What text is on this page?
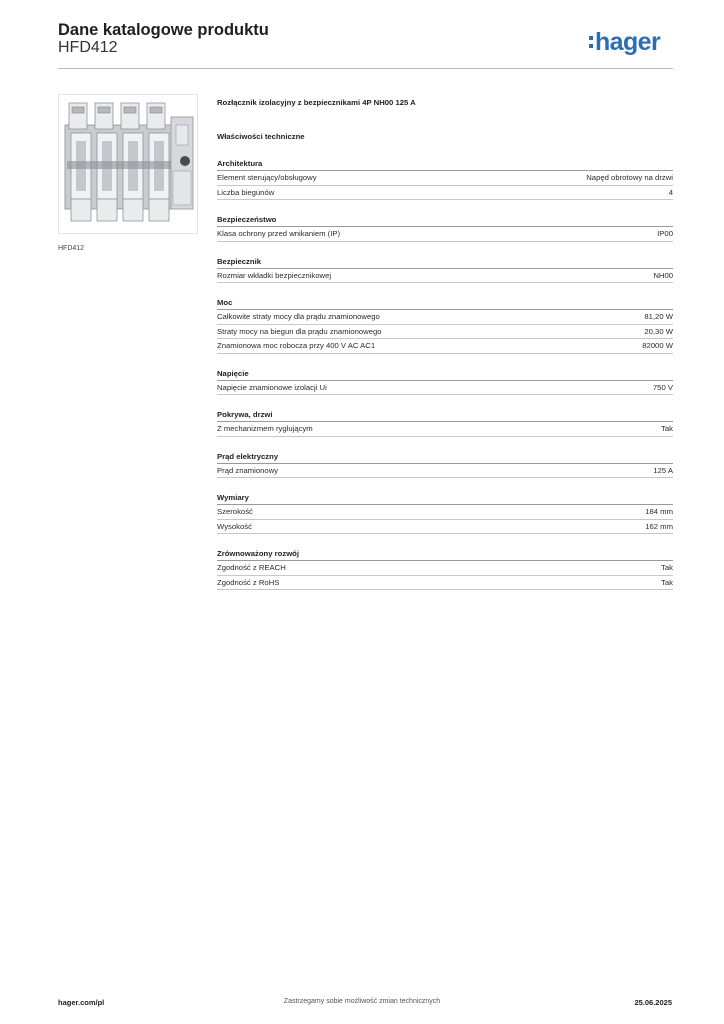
Dane katalogowe produktu
HFD412	hager
HFD412
Rozłącznik izolacyjny z bezpiecznikami 4P NH00 125 A
Właściwości techniczne
Architektura
Element sterujący/obsługowy	Napęd obrotowy na drzwi
Liczba biegunów	4
Bezpieczeństwo
Klasa ochrony przed wnikaniem (IP)	IP00
Bezpiecznik
Rozmiar wkładki bezpiecznikowej	NH00
Moc
Całkowite straty mocy dla prądu znamionowego	81,20 W
Straty mocy na biegun dla prądu znamionowego	20,30 W
Znamionowa moc robocza przy 400 V AC AC1	82000 W
Napięcie
Napięcie znamionowe izolacji Ui	750 V
Pokrywa, drzwi
Z mechanizmem ryglującym	Tak
Prąd elektryczny
Prąd znamionowy	125 A
Wymiary
Szerokość	184 mm
Wysokość	162 mm
Zrównoważony rozwój
Zgodność z REACH	Tak
Zgodność z RoHS	Tak
hager.com/pl	Zastrzegamy sobie możliwość zmian technicznych	25.06.2025
